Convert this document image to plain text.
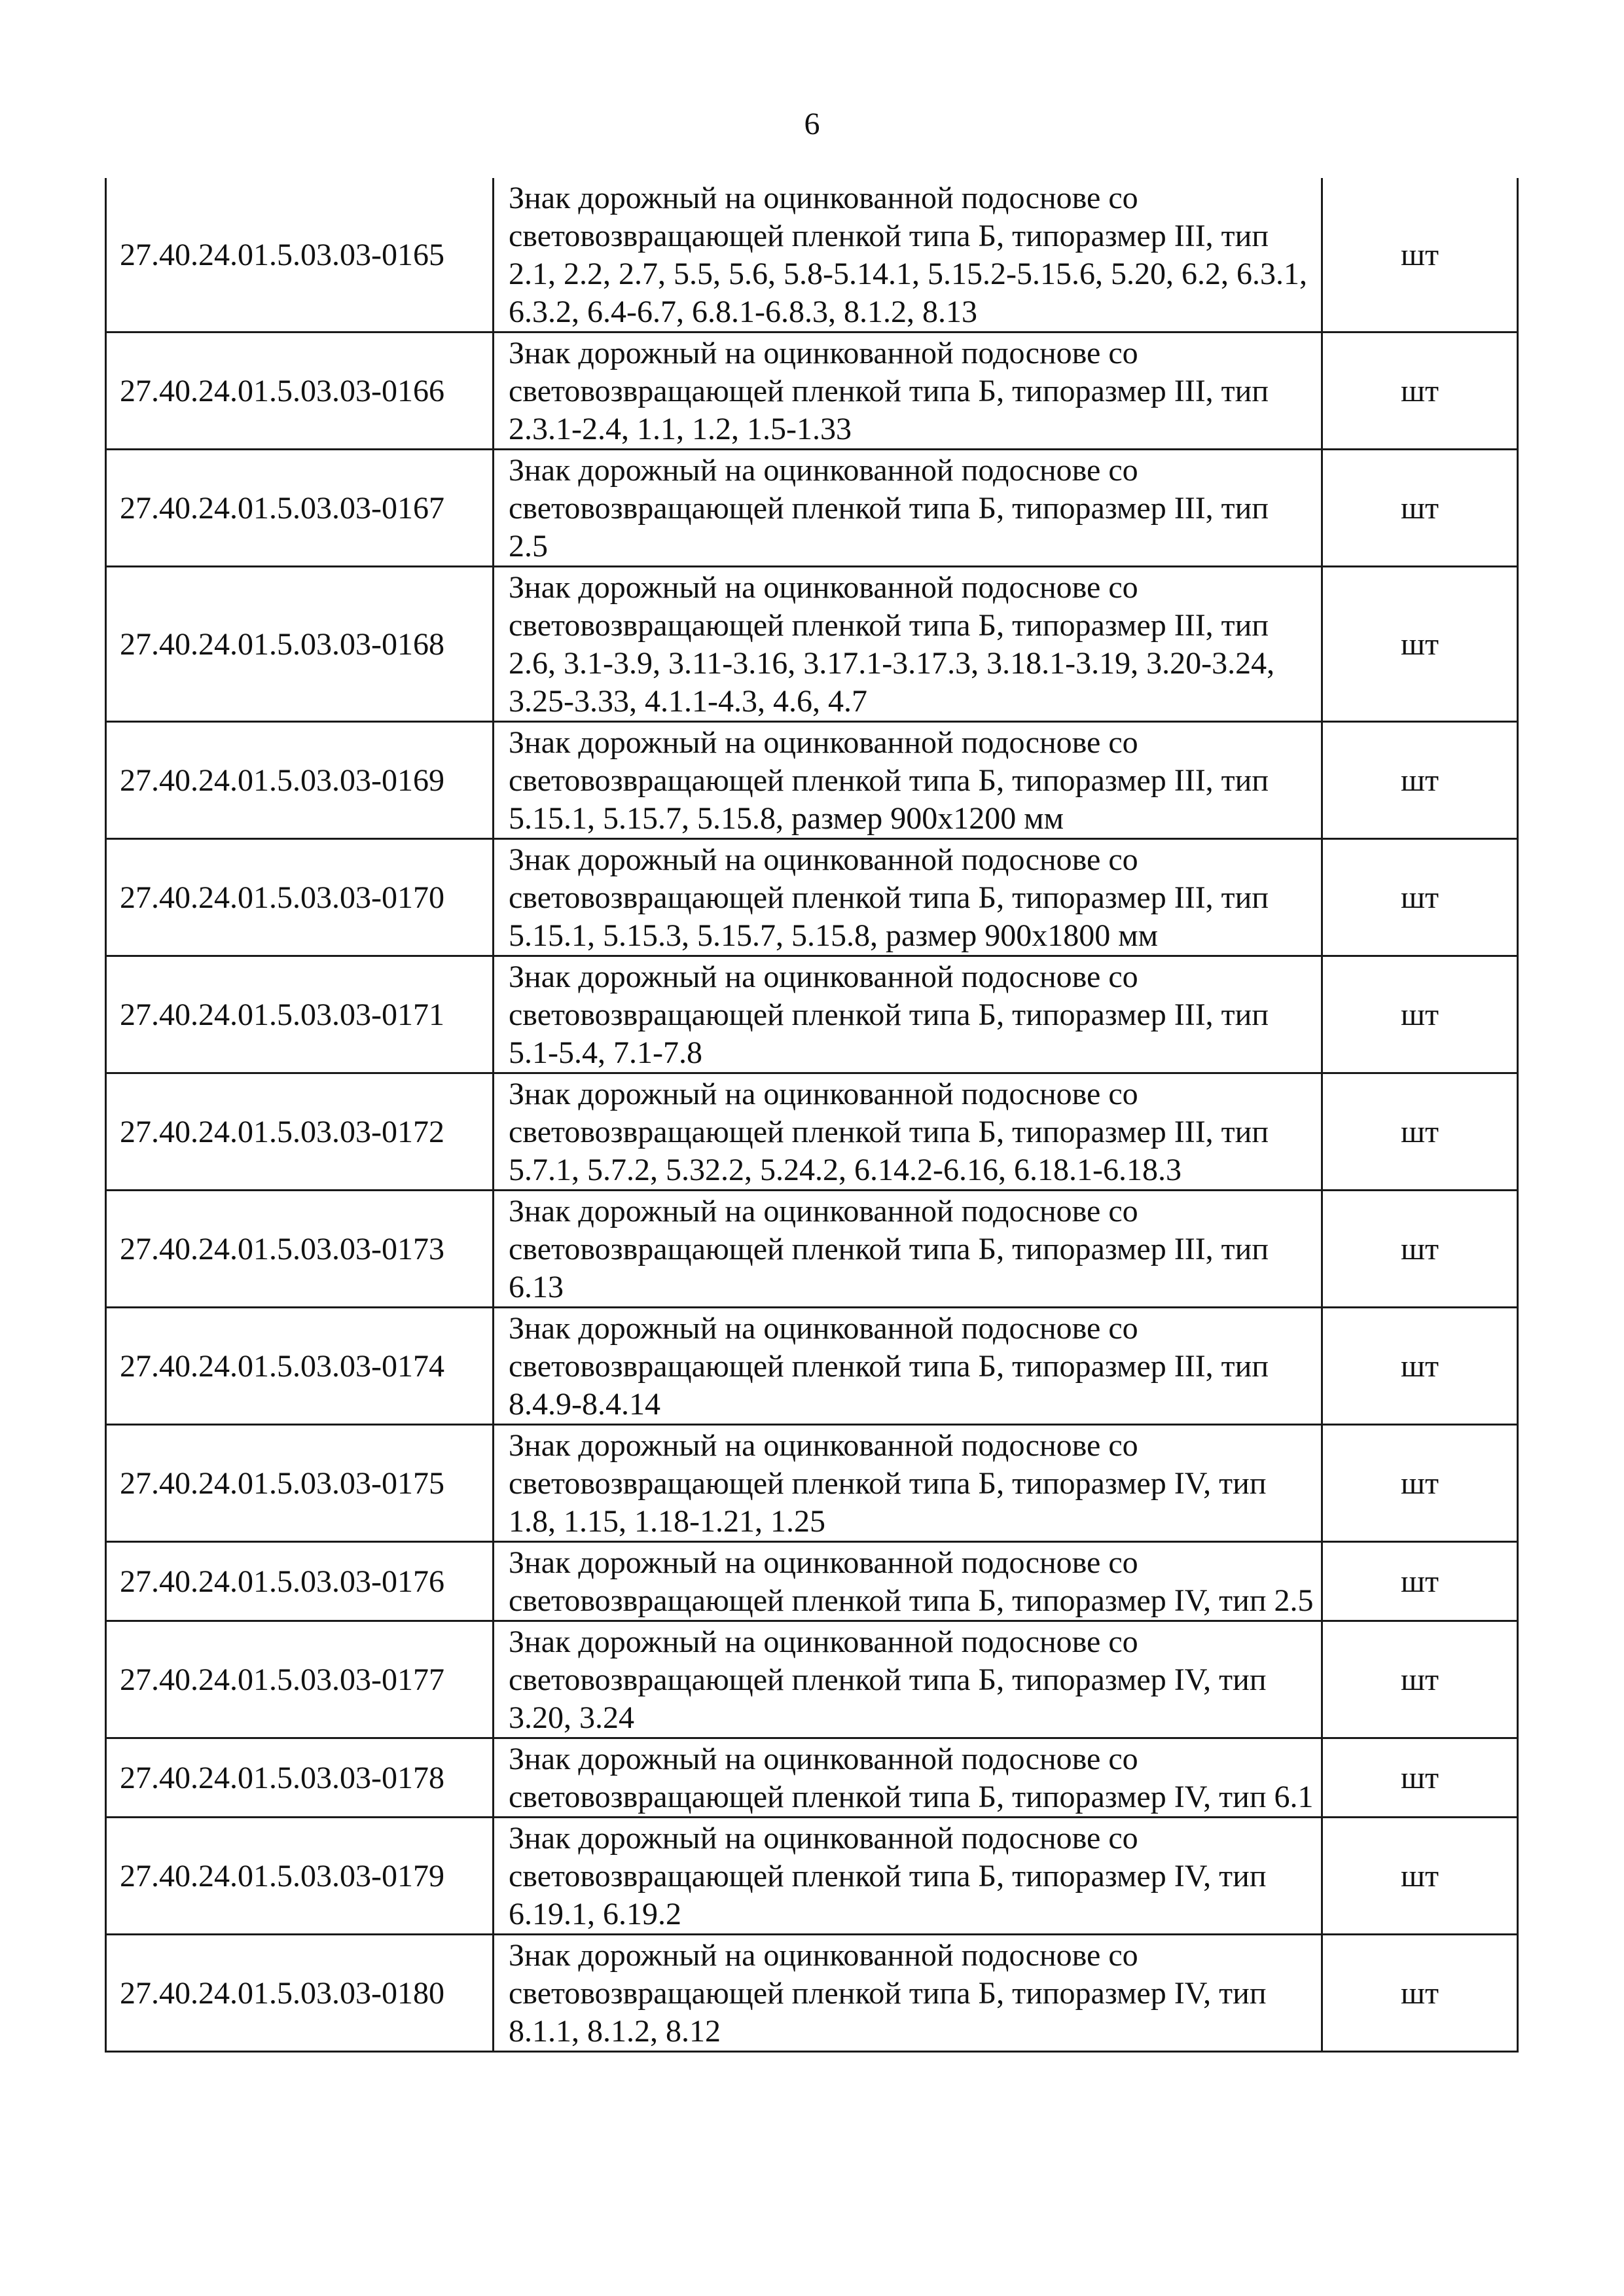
6
27.40.24.01.5.03.03-0165	Знак дорожный на оцинкованной подоснове со световозвращающей пленкой типа Б, типоразмер III, тип 2.1, 2.2, 2.7, 5.5, 5.6, 5.8-5.14.1, 5.15.2-5.15.6, 5.20, 6.2, 6.3.1, 6.3.2, 6.4-6.7, 6.8.1-6.8.3, 8.1.2, 8.13	шт
27.40.24.01.5.03.03-0166	Знак дорожный на оцинкованной подоснове со световозвращающей пленкой типа Б, типоразмер III, тип 2.3.1-2.4, 1.1, 1.2, 1.5-1.33	шт
27.40.24.01.5.03.03-0167	Знак дорожный на оцинкованной подоснове со световозвращающей пленкой типа Б, типоразмер III, тип 2.5	шт
27.40.24.01.5.03.03-0168	Знак дорожный на оцинкованной подоснове со световозвращающей пленкой типа Б, типоразмер III, тип 2.6, 3.1-3.9, 3.11-3.16, 3.17.1-3.17.3, 3.18.1-3.19, 3.20-3.24, 3.25-3.33, 4.1.1-4.3, 4.6, 4.7	шт
27.40.24.01.5.03.03-0169	Знак дорожный на оцинкованной подоснове со световозвращающей пленкой типа Б, типоразмер III, тип 5.15.1, 5.15.7, 5.15.8, размер 900х1200 мм	шт
27.40.24.01.5.03.03-0170	Знак дорожный на оцинкованной подоснове со световозвращающей пленкой типа Б, типоразмер III, тип 5.15.1, 5.15.3, 5.15.7, 5.15.8, размер 900х1800 мм	шт
27.40.24.01.5.03.03-0171	Знак дорожный на оцинкованной подоснове со световозвращающей пленкой типа Б, типоразмер III, тип 5.1-5.4, 7.1-7.8	шт
27.40.24.01.5.03.03-0172	Знак дорожный на оцинкованной подоснове со световозвращающей пленкой типа Б, типоразмер III, тип 5.7.1, 5.7.2, 5.32.2, 5.24.2, 6.14.2-6.16, 6.18.1-6.18.3	шт
27.40.24.01.5.03.03-0173	Знак дорожный на оцинкованной подоснове со световозвращающей пленкой типа Б, типоразмер III, тип 6.13	шт
27.40.24.01.5.03.03-0174	Знак дорожный на оцинкованной подоснове со световозвращающей пленкой типа Б, типоразмер III, тип 8.4.9-8.4.14	шт
27.40.24.01.5.03.03-0175	Знак дорожный на оцинкованной подоснове со световозвращающей пленкой типа Б, типоразмер IV, тип 1.8, 1.15, 1.18-1.21, 1.25	шт
27.40.24.01.5.03.03-0176	Знак дорожный на оцинкованной подоснове со световозвращающей пленкой типа Б, типоразмер IV, тип 2.5	шт
27.40.24.01.5.03.03-0177	Знак дорожный на оцинкованной подоснове со световозвращающей пленкой типа Б, типоразмер IV, тип 3.20, 3.24	шт
27.40.24.01.5.03.03-0178	Знак дорожный на оцинкованной подоснове со световозвращающей пленкой типа Б, типоразмер IV, тип 6.1	шт
27.40.24.01.5.03.03-0179	Знак дорожный на оцинкованной подоснове со световозвращающей пленкой типа Б, типоразмер IV, тип 6.19.1, 6.19.2	шт
27.40.24.01.5.03.03-0180	Знак дорожный на оцинкованной подоснове со световозвращающей пленкой типа Б, типоразмер IV, тип 8.1.1, 8.1.2, 8.12	шт
